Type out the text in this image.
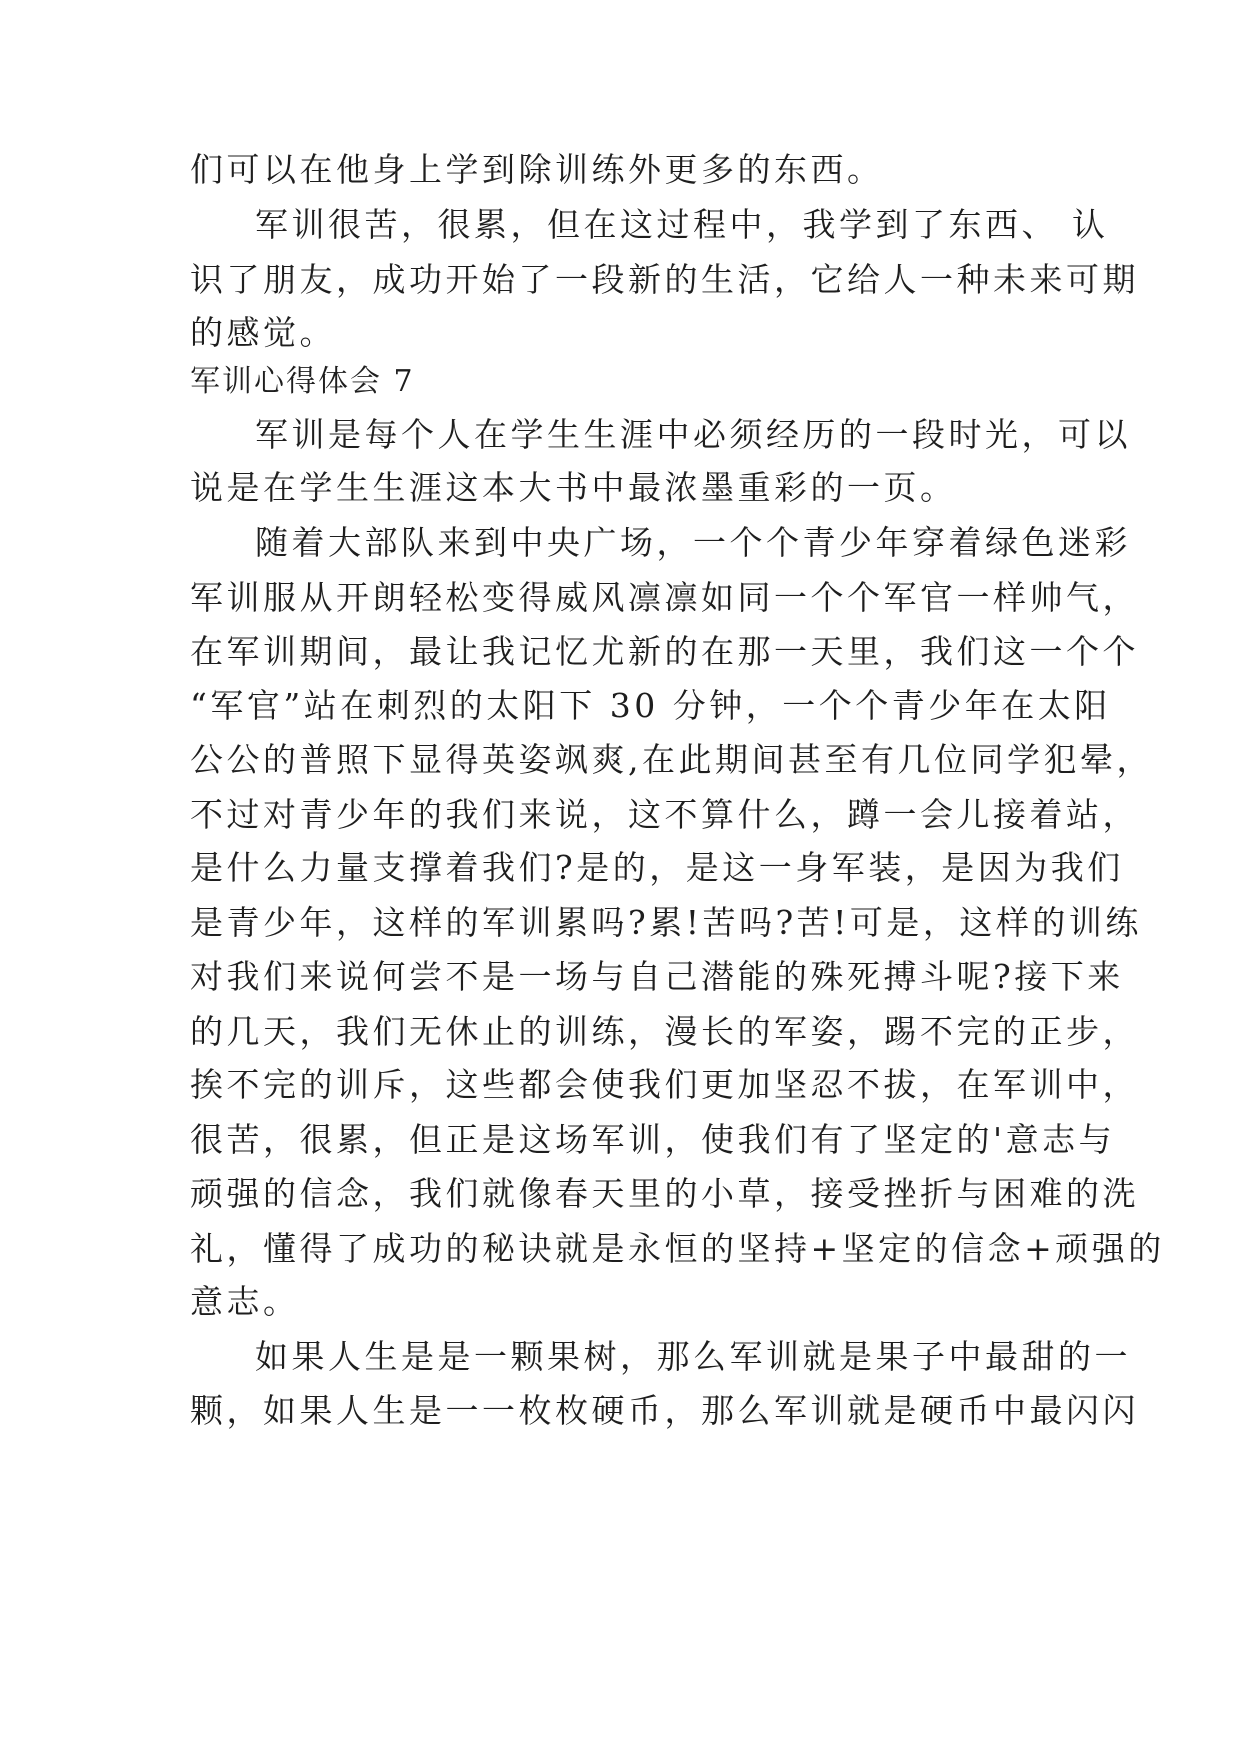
们可以在他身上学到除训练外更多的东西。
军训很苦，很累，但在这过程中，我学到了东西、 认
识了朋友，成功开始了一段新的生活，它给人一种未来可期
的感觉。
军训心得体会 7
军训是每个人在学生生涯中必须经历的一段时光，可以
说是在学生生涯这本大书中最浓墨重彩的一页。
随着大部队来到中央广场，一个个青少年穿着绿色迷彩
军训服从开朗轻松变得威风凛凛如同一个个军官一样帅气，
在军训期间，最让我记忆尤新的在那一天里，我们这一个个
“军官”站在刺烈的太阳下 30 分钟，一个个青少年在太阳
公公的普照下显得英姿飒爽,在此期间甚至有几位同学犯晕，
不过对青少年的我们来说，这不算什么，蹲一会儿接着站，
是什么力量支撑着我们?是的，是这一身军装，是因为我们
是青少年，这样的军训累吗?累!苦吗?苦!可是，这样的训练
对我们来说何尝不是一场与自己潜能的殊死搏斗呢?接下来
的几天，我们无休止的训练，漫长的军姿，踢不完的正步，
挨不完的训斥，这些都会使我们更加坚忍不拔，在军训中，
很苦，很累，但正是这场军训，使我们有了坚定的'意志与
顽强的信念，我们就像春天里的小草，接受挫折与困难的洗
礼，懂得了成功的秘诀就是永恒的坚持+坚定的信念+顽强的
意志。
如果人生是是一颗果树，那么军训就是果子中最甜的一
颗，如果人生是一一枚枚硬币，那么军训就是硬币中最闪闪
